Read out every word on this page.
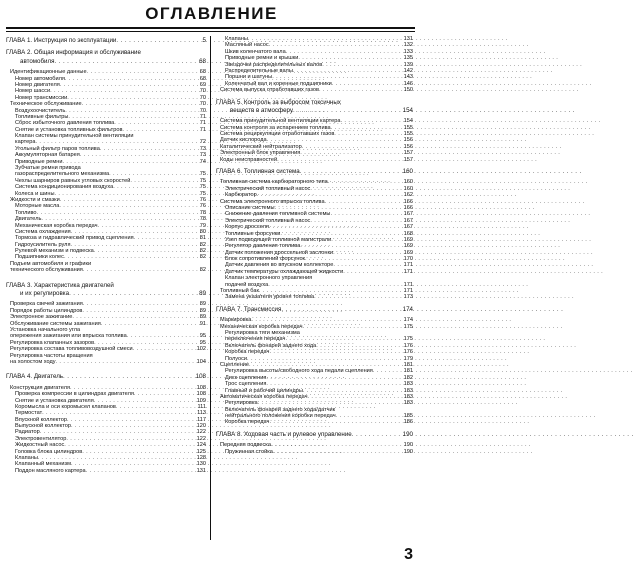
ОГЛАВЛЕНИЕ
ГЛАВА 1. Инструкция по эксплуатации . . .	5
ГЛАВА 2. Общая информация и обслуживание
автомобиля . . .	68
Идентификационные данные . . .	68
Номер автомобиля . . .	68
Номер двигателя . . .	69
Номер шасси . . .	70
Номер трансмиссии . . .	70
Техническое обслуживание . . .	70
Воздухоочиститель . . .	70
Топливные фильтры . . .	71
Сброс избыточного давления топлива . . .	71
Снятие и установка топливных фильтров . . .	71
Клапан системы принудительной вентиляции
картера . . .	72
Угольный фильтр паров топлива . . .	73
Аккумуляторная батарея . . .	73
Приводные ремни . . .	74
Зубчатые ремни привода
газораспределительного механизма . . .	75
Чехлы шарниров равных угловых скоростей . . .	75
Система кондиционирования воздуха . . .	75
Колеса и шины . . .	75
Жидкости и смазки . . .	76
Моторные масла . . .	76
Топливо . . .	78
Двигатель . . .	78
Механическая коробка передач . . .	79
Система охлаждения . . .	80
Тормоза и гидравлический привод сцепления . . .	81
Гидроусилитель руля . . .	82
Рулевой механизм и подвеска . . .	82
Подшипники колес . . .	82
Подъем автомобиля и графики
технического обслуживания . . .	82
ГЛАВА 3. Характеристика двигателей
и их регулировка . . .	89
Проверка свечей зажигания . . .	89
Порядок работы цилиндров . . .	89
Электронное зажигание . . .	89
Обслуживание системы зажигания . . .	91
Установка начального угла
опережения зажигания или впрыска топлива . . .	95
Регулировка клапанных зазоров . . .	95
Регулировка состава топливовоздушной смеси . . .	102
Регулировка частоты вращения
на холостом ходу . . .	104
ГЛАВА 4. Двигатель . . .	108
Конструкция двигателя . . .	108
Проверка компрессии в цилиндрах двигателя . . .	108
Снятие и установка двигателя . . .	109
Коромысла и оси коромысел клапанов . . .	111
Термостат . . .	113
Впускной коллектор . . .	117
Выпускной коллектор . . .	120
Радиатор . . .	122
Электровентилятор . . .	122
Жидкостный насос . . .	124
Головка блока цилиндров . . .	125
Клапаны . . .	128
Клапанный механизм . . .	130
Поддон масляного картера . . .	131
Клапаны . . .	131
Масляный насос . . .	132
Шкив коленчатого вала . . .	133
Приводные ремни и крышки . . .	135
Звездочки распределительных валов . . .	139
Распределительные валы . . .	142
Поршни и шатуны . . .	143
Коленчатый вал и коренные подшипники . . .	146
Система выпуска отработавших газов . . .	150
ГЛАВА 5. Контроль за выбросом токсичных
веществ в атмосферу . . .	154
Система принудительной вентиляции картера . . .	154
Система контроля за испарением топлива . . .	155
Система рециркуляции отработавших газов . . .	155
Датчик кислорода . . .	156
Каталитический нейтрализатор . . .	156
Электронный блок управления . . .	157
Коды неисправностей . . .	157
ГЛАВА 6. Топливная система . . .	160
Топливная система карбюраторного типа . . .	160
Электрический топливный насос . . .	160
Карбюратор . . .	162
Система электронного впрыска топлива . . .	166
Описание системы . . .	166
Снижение давления топливной системы . . .	167
Электрический топливный насос . . .	167
Корпус дросселя . . .	167
Топливные форсунки . . .	168
Узел подводящей топливной магистрали . . .	169
Регулятор давления топлива . . .	169
Датчик положения дроссельной заслонки . . .	169
Блок сопротивлений форсунок . . .	170
Датчик давления во впускном коллекторе . . .	171
Датчик температуры охлаждающей жидкости . . .	171
Клапан электронного управления
подачей воздуха . . .	171
Топливный бак . . .	171
Замена указателя уровня топлива . . .	173
ГЛАВА 7. Трансмиссия . . .	174
Маркировка . . .	174
Механическая коробка передач . . .	175
Регулировка тяги механизма
переключения передач . . .	175
Включатель фонарей заднего хода . . .	176
Коробка передач . . .	176
Полуоси . . .	179
Сцепление . . .	181
Регулировка высоты/свободного хода педали сцепления . . .	181
Диск сцепления . . .	182
Трос сцепления . . .	183
Главный и рабочий цилиндры . . .	183
Автоматическая коробка передач . . .	183
Регулировка . . .	183
Включатель фонарей заднего хода/датчик
нейтрального положения коробки передач . . .	185
Коробка передач . . .	186
ГЛАВА 8. Ходовая часть и рулевое управление . . .	190
Передняя подвеска . . .	190
Пружинная стойка . . .	190
3
